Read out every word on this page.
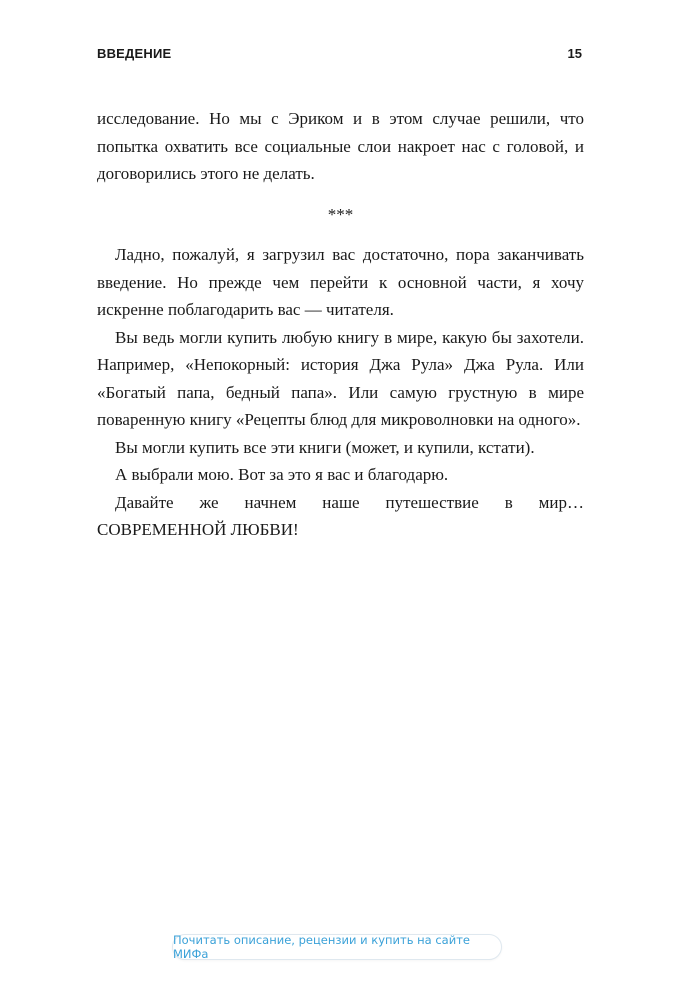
ВВЕДЕНИЕ	15

исследование. Но мы с Эриком и в этом случае решили, что попытка охватить все социальные слои накроет нас с головой, и договорились этого не делать.

***

Ладно, пожалуй, я загрузил вас достаточно, пора заканчивать введение. Но прежде чем перейти к основной части, я хочу искренне поблагодарить вас — читателя.

Вы ведь могли купить любую книгу в мире, какую бы захотели. Например, «Непокорный: история Джа Рула» Джа Рула. Или «Богатый папа, бедный папа». Или самую грустную в мире поваренную книгу «Рецепты блюд для микроволновки на одного».

Вы могли купить все эти книги (может, и купили, кстати).

А выбрали мою. Вот за это я вас и благодарю.

Давайте же начнем наше путешествие в мир… СОВРЕМЕННОЙ ЛЮБВИ!

Почитать описание, рецензии и купить на сайте МИФа
